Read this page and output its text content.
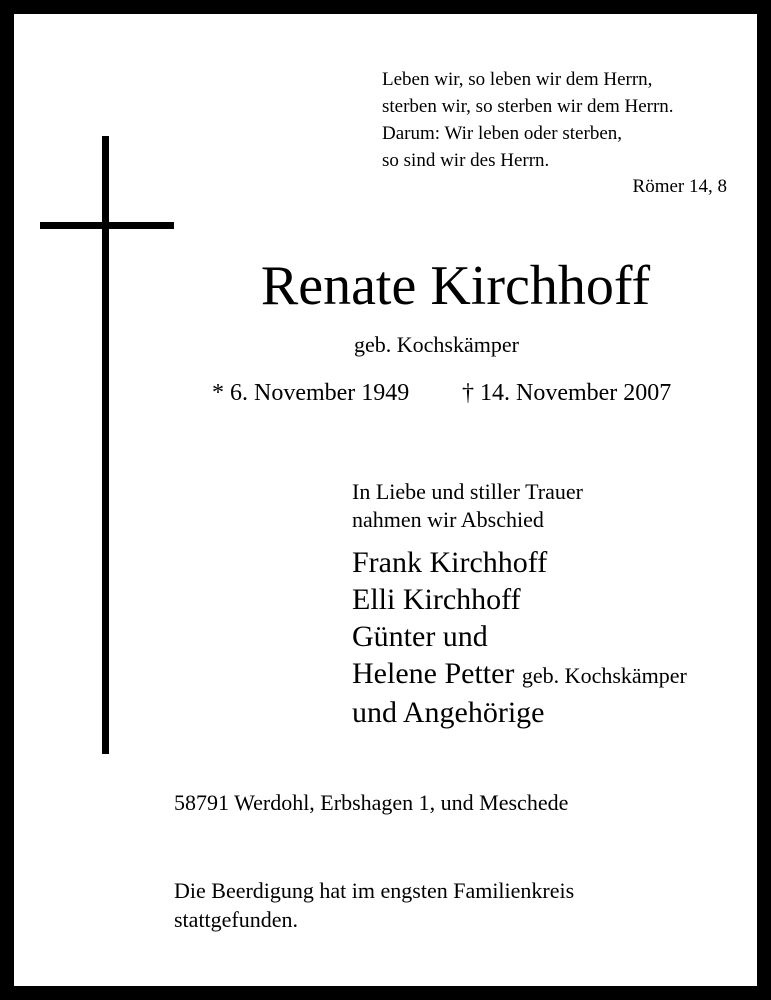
Leben wir, so leben wir dem Herrn,
sterben wir, so sterben wir dem Herrn.
Darum: Wir leben oder sterben,
so sind wir des Herrn.
Römer 14, 8
Renate Kirchhoff
geb. Kochskämper
* 6. November 1949 † 14. November 2007
In Liebe und stiller Trauer
nahmen wir Abschied
Frank Kirchhoff
Elli Kirchhoff
Günter und
Helene Petter geb. Kochskämper
und Angehörige
58791 Werdohl, Erbshagen 1, und Meschede
Die Beerdigung hat im engsten Familienkreis
stattgefunden.
